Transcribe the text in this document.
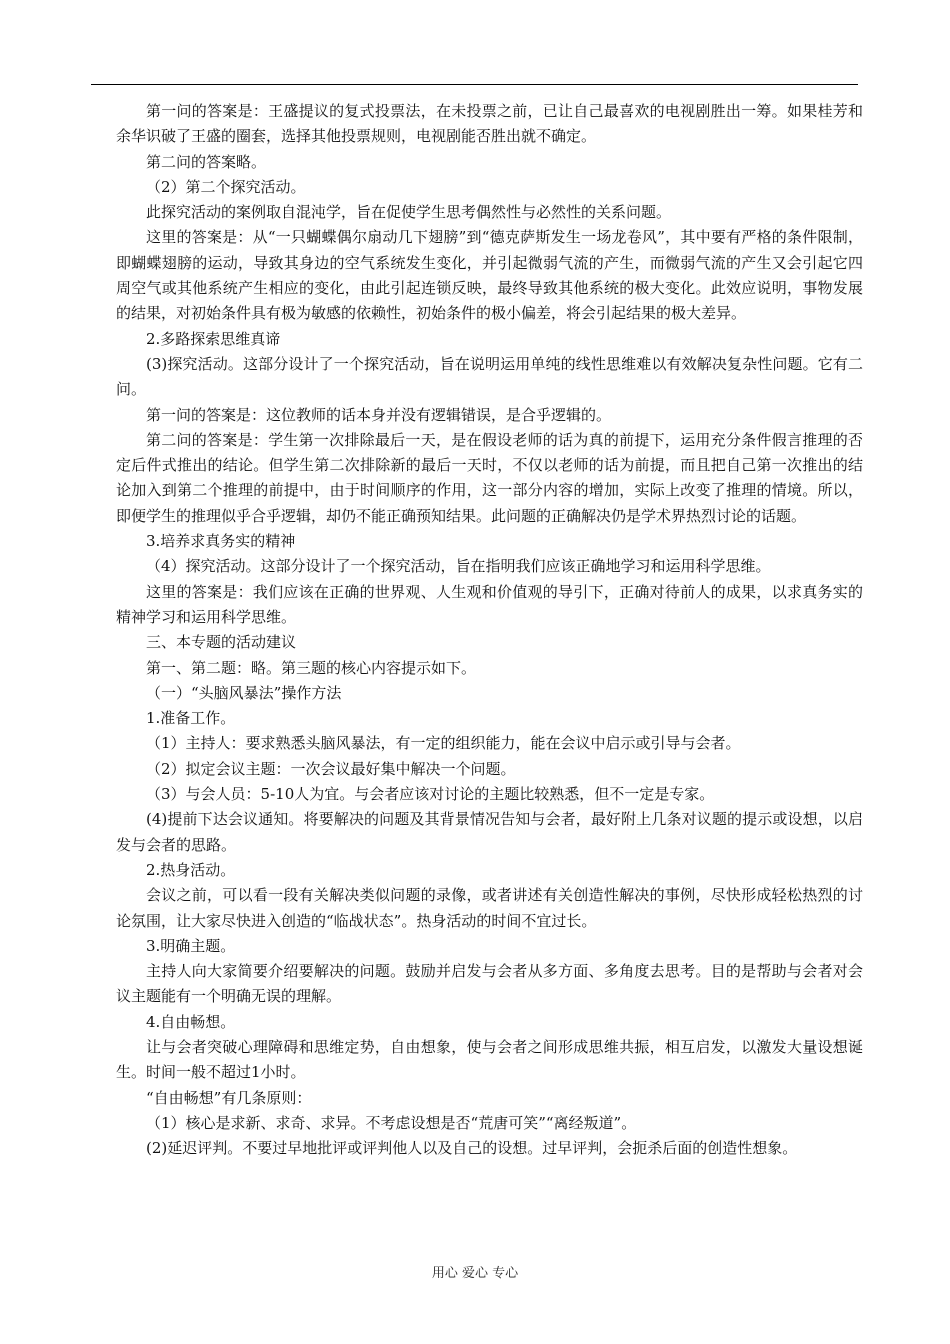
第一问的答案是：王盛提议的复式投票法，在未投票之前，已让自己最喜欢的电视剧胜出一筹。如果桂芳和余华识破了王盛的圈套，选择其他投票规则，电视剧能否胜出就不确定。

第二问的答案略。

（2）第二个探究活动。

此探究活动的案例取自混沌学，旨在促使学生思考偶然性与必然性的关系问题。

这里的答案是：从“一只蝴蝶偶尔扇动几下翅膀”到“德克萨斯发生一场龙卷风”，其中要有严格的条件限制，即蝴蝶翅膀的运动，导致其身边的空气系统发生变化，并引起微弱气流的产生，而微弱气流的产生又会引起它四周空气或其他系统产生相应的变化，由此引起连锁反映，最终导致其他系统的极大变化。此效应说明，事物发展的结果，对初始条件具有极为敏感的依赖性，初始条件的极小偏差，将会引起结果的极大差异。

2.多路探索思维真谛

(3)探究活动。这部分设计了一个探究活动，旨在说明运用单纯的线性思维难以有效解决复杂性问题。它有二问。

第一问的答案是：这位教师的话本身并没有逻辑错误，是合乎逻辑的。

第二问的答案是：学生第一次排除最后一天，是在假设老师的话为真的前提下，运用充分条件假言推理的否定后件式推出的结论。但学生第二次排除新的最后一天时，不仅以老师的话为前提，而且把自己第一次推出的结论加入到第二个推理的前提中，由于时间顺序的作用，这一部分内容的增加，实际上改变了推理的情境。所以，即便学生的推理似乎合乎逻辑，却仍不能正确预知结果。此问题的正确解决仍是学术界热烈讨论的话题。

3.培养求真务实的精神

（4）探究活动。这部分设计了一个探究活动，旨在指明我们应该正确地学习和运用科学思维。

这里的答案是：我们应该在正确的世界观、人生观和价值观的导引下，正确对待前人的成果，以求真务实的精神学习和运用科学思维。

三、本专题的活动建议

第一、第二题：略。第三题的核心内容提示如下。

（一）“头脑风暴法”操作方法

1.准备工作。

（1）主持人：要求熟悉头脑风暴法，有一定的组织能力，能在会议中启示或引导与会者。

（2）拟定会议主题：一次会议最好集中解决一个问题。

（3）与会人员：5-10人为宜。与会者应该对讨论的主题比较熟悉，但不一定是专家。

(4)提前下达会议通知。将要解决的问题及其背景情况告知与会者，最好附上几条对议题的提示或设想，以启发与会者的思路。

2.热身活动。

会议之前，可以看一段有关解决类似问题的录像，或者讲述有关创造性解决的事例，尽快形成轻松热烈的讨论氛围，让大家尽快进入创造的“临战状态”。热身活动的时间不宜过长。

3.明确主题。

主持人向大家简要介绍要解决的问题。鼓励并启发与会者从多方面、多角度去思考。目的是帮助与会者对会议主题能有一个明确无误的理解。

4.自由畅想。

让与会者突破心理障碍和思维定势，自由想象，使与会者之间形成思维共振，相互启发，以激发大量设想诞生。时间一般不超过1小时。

“自由畅想”有几条原则：

（1）核心是求新、求奇、求异。不考虑设想是否“荒唐可笑”“离经叛道”。

(2)延迟评判。不要过早地批评或评判他人以及自己的设想。过早评判，会扼杀后面的创造性想象。

用心 爱心 专心
